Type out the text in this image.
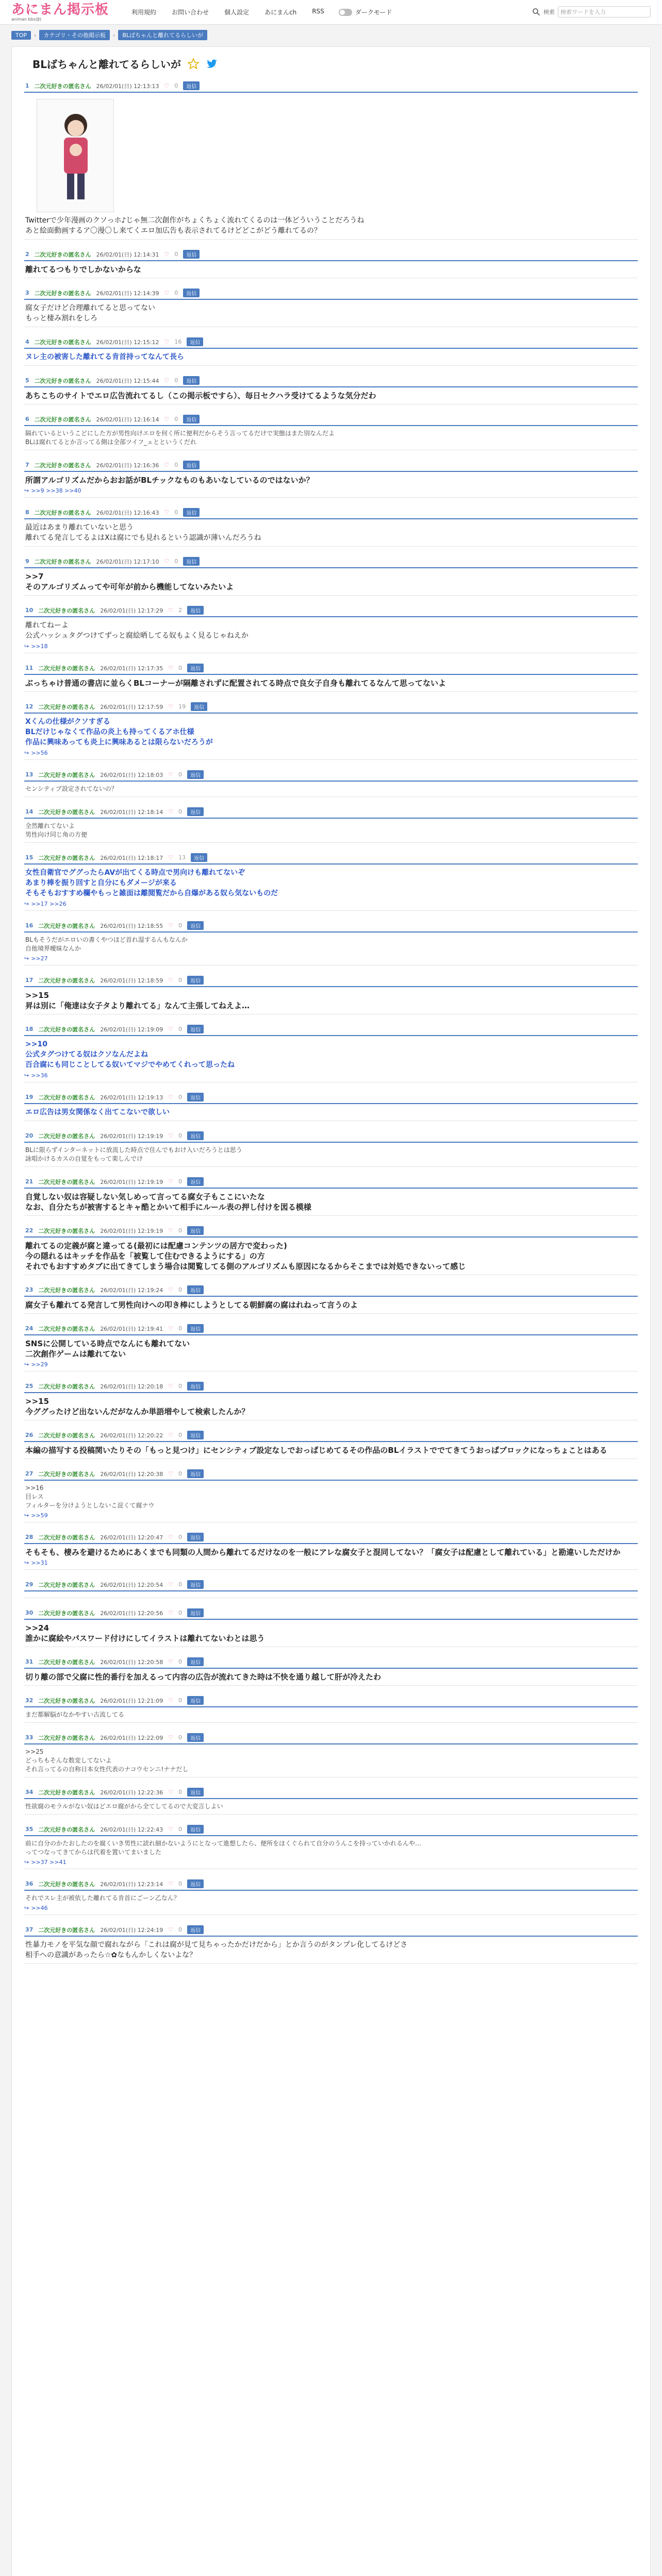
あにまん掲示板
animan bbs(β)
利用規約	お問い合わせ	個人設定	あにまんch	RSS	ダークモード	検索 検索ワードを入力
TOP	›	カテゴリ・その他掲示板	›	BLばちゃんと離れてるらしいが
BLばちゃんと離れてるらしいが
1 二次元好きの匿名さん 26/02/01(日) 12:13:13 ♡ 0	返信
Twitterで少年漫画のクソっホ♪じゃ無二次創作がちょくちょく流れてくるのは一体どういうことだろうね
あと絵面動画するア〇漫〇し来てくエロ加広告も表示されてるけどどこがどう離れてるの？
2 二次元好きの匿名さん 26/02/01(日) 12:14:31 ♡ 0	返信
離れてるつもりでしかないからな
3 二次元好きの匿名さん 26/02/01(日) 12:14:39 ♡ 0	返信
腐女子だけど合理離れてると思ってない
もっと棲み割れをしろ
4 二次元好きの匿名さん 26/02/01(日) 12:15:12 ♡ 16	返信
ヌレ主の被害した離れてる肯首持ってなんて長ら
5 二次元好きの匿名さん 26/02/01(日) 12:15:44 ♡ 0	返信
あちこちのサイトでエロ広告流れてるし（この掲示板ですら）、毎日セクハラ受けてるような気分だわ
6 二次元好きの匿名さん 26/02/01(日) 12:16:14 ♡ 0	返信
隔れているというこどにした方が男性向けエロを何く所に便利だからそう言ってるだけで実態はまた別なんだよ
BLは腐れてるとか言ってる側は全部ツイフ_ェとというくだれ
7 二次元好きの匿名さん 26/02/01(日) 12:16:36 ♡ 0	返信
所謂アルゴリズムだからおお話がBLチックなものもあいなしているのではないか？
↪ >>9 >>38 >>40
8 二次元好きの匿名さん 26/02/01(日) 12:16:43 ♡ 0	返信
最近はあまり離れていないと思う
離れてる発言してるよはXは腐にでも見れるという認識が薄いんだろうね
9 二次元好きの匿名さん 26/02/01(日) 12:17:10 ♡ 0	返信
>>7
そのアルゴリズムってや可年が前から機能してないみたいよ
10 二次元好きの匿名さん 26/02/01(日) 12:17:29 ♡ 2	返信
離れてねーよ
公式ハッシュタグつけてずっと腐絵晒してる奴もよく見るじゃねえか
↪ >>18
11 二次元好きの匿名さん 26/02/01(日) 12:17:35 ♡ 0	返信
ぶっちゃけ普通の書店に並らくBLコーナーが隔離されずに配置されてる時点で良女子自身も離れてるなんて思ってないよ
12 二次元好きの匿名さん 26/02/01(日) 12:17:59 ♡ 19	返信
Xくんの仕様がクソすぎる
BLだけじゃなくて作品の炎上も持ってくるアホ仕様
作品に興味あっても炎上に興味あるとは限らないだろうが
↪ >>56
13 二次元好きの匿名さん 26/02/01(日) 12:18:03 ♡ 0	返信
センシティブ設定されてないの？
14 二次元好きの匿名さん 26/02/01(日) 12:18:14 ♡ 0	返信
全然離れてないよ
男性向け同じ角の方便
15 二次元好きの匿名さん 26/02/01(日) 12:18:17 ♡ 13	返信
女性自衛官でググったらAVが出てくる時点で男向けも離れてないぞ
あまり棒を振り回すと自分にもダメージが来る
そもそもおすすめ欄やもっと雑面は離閲覧だから自爆がある奴ら気ないものだ
↪ >>17 >>26
16 二次元好きの匿名さん 26/02/01(日) 12:18:55 ♡ 0	返信
BLもそうだがエロいの書くやつほど首れ湿するんもなんか
自他境界曖昧なんか
↪ >>27
17 二次元好きの匿名さん 26/02/01(日) 12:18:59 ♡ 0	返信
>>15
昇は別に「俺達は女子タより離れてる」なんて主張してねえよ…
18 二次元好きの匿名さん 26/02/01(日) 12:19:09 ♡ 0	返信
>>10
公式タグつけてる奴はクソなんだよね
百合腐にも同じことしてる奴いてマジでやめてくれって思ったね
↪ >>36
19 二次元好きの匿名さん 26/02/01(日) 12:19:13 ♡ 0	返信
エロ広告は男女関係なく出てこないで欲しい
20 二次元好きの匿名さん 26/02/01(日) 12:19:19 ♡ 0	返信
BLに限らずインターネットに放流した時点で住んでもおけ入いだろうとは思う
詠唱かけるカスの自覚をもって楽しんでけ
21 二次元好きの匿名さん 26/02/01(日) 12:19:19 ♡ 0	返信
自覚しない奴は容疑しない気しめって言ってる腐女子もここにいたな
なお、自分たちが被害するとキャ酷とかいて相手にルール表の押し付けを図る模様
22 二次元好きの匿名さん 26/02/01(日) 12:19:19 ♡ 0	返信
離れてるの定義が腐と違ってる(最初には配慮コンテンツの居方で変わった)
今の隠れるはキッチを作品を「被覧して住むできるようにする」の方
それでもおすすめタブに出てきてしまう場合は閲覧してる側のアルゴリズムも原因になるからそこまでは対処できないって感じ
23 二次元好きの匿名さん 26/02/01(日) 12:19:24 ♡ 0	返信
腐女子も離れてる発言して男性向けへの叩き棒にしようとしてる朝鮮腐の腐はれねって言うのよ
24 二次元好きの匿名さん 26/02/01(日) 12:19:41 ♡ 0	返信
SNSに公開している時点でなんにも離れてない
二次創作ゲームは離れてない
↪ >>29
25 二次元好きの匿名さん 26/02/01(日) 12:20:18 ♡ 0	返信
>>15
今ググったけど出ないんだがなんか単語増やして検索したんか？
26 二次元好きの匿名さん 26/02/01(日) 12:20:22 ♡ 0	返信
本編の描写する投稿関いたりその「もっと見つけ」にセンシティブ設定なしでおっぱじめてるその作品のBLイラストででてきてうおっぱブロックになっちょことはある
27 二次元好きの匿名さん 26/02/01(日) 12:20:38 ♡ 0	返信
>>16
目レス
フィルターを分けようとしないこ淀くて腐ナウ
↪ >>59
28 二次元好きの匿名さん 26/02/01(日) 12:20:47 ♡ 0	返信
そもそも、棲みを避けるためにあくまでも同類の人間から離れてるだけなのを一般にアレな腐女子と混同してない？「腐女子は配慮として離れている」と勘違いしただけか
↪ >>31
29 二次元好きの匿名さん 26/02/01(日) 12:20:54 ♡ 0	返信
30 二次元好きの匿名さん 26/02/01(日) 12:20:56 ♡ 0	返信
>>24
誰かに腐絵やパスワード付けにしてイラストは離れてないわとは思う
31 二次元好きの匿名さん 26/02/01(日) 12:20:58 ♡ 0	返信
切り離の部で父腐に性的番行を加えるって内容の広告が流れてきた時は不快を通り越して肝が冷えたわ
32 二次元好きの匿名さん 26/02/01(日) 12:21:09 ♡ 0	返信
まだ都解脳がなかやすい古流してる
33 二次元好きの匿名さん 26/02/01(日) 12:22:09 ♡ 0	返信
>>25
どっちもそんな数変してないよ
それ言ってるの自称日本女性代表のナコウセンニ!ナナだし
34 二次元好きの匿名さん 26/02/01(日) 12:22:36 ♡ 0	返信
性欲腐のモラルがない奴はどエロ腐がから全てしてるので大変言しよい
35 二次元好きの匿名さん 26/02/01(日) 12:22:43 ♡ 0	返信
前に自分のかたおしたのを腐くいき男性に読れ細かないようにとなって進想したら、便所をほくぐられて自分のうんこを持っていかれるんや…
ってつなってきてからは代着を置いてまいました
↪ >>37 >>41
36 二次元好きの匿名さん 26/02/01(日) 12:23:14 ♡ 0	返信
それでスレ主が被依した離れてる肯首にごーン乙なん？
↪ >>46
37 二次元好きの匿名さん 26/02/01(日) 12:24:19 ♡ 0	返信
性暴力モノを平気な顔で腐れながら「これは腐が見て見ちゃったかだけだから」とか言うのがタンプレ化してるけどさ
相手への意識があったら☆✿なもんかしくないよな？
